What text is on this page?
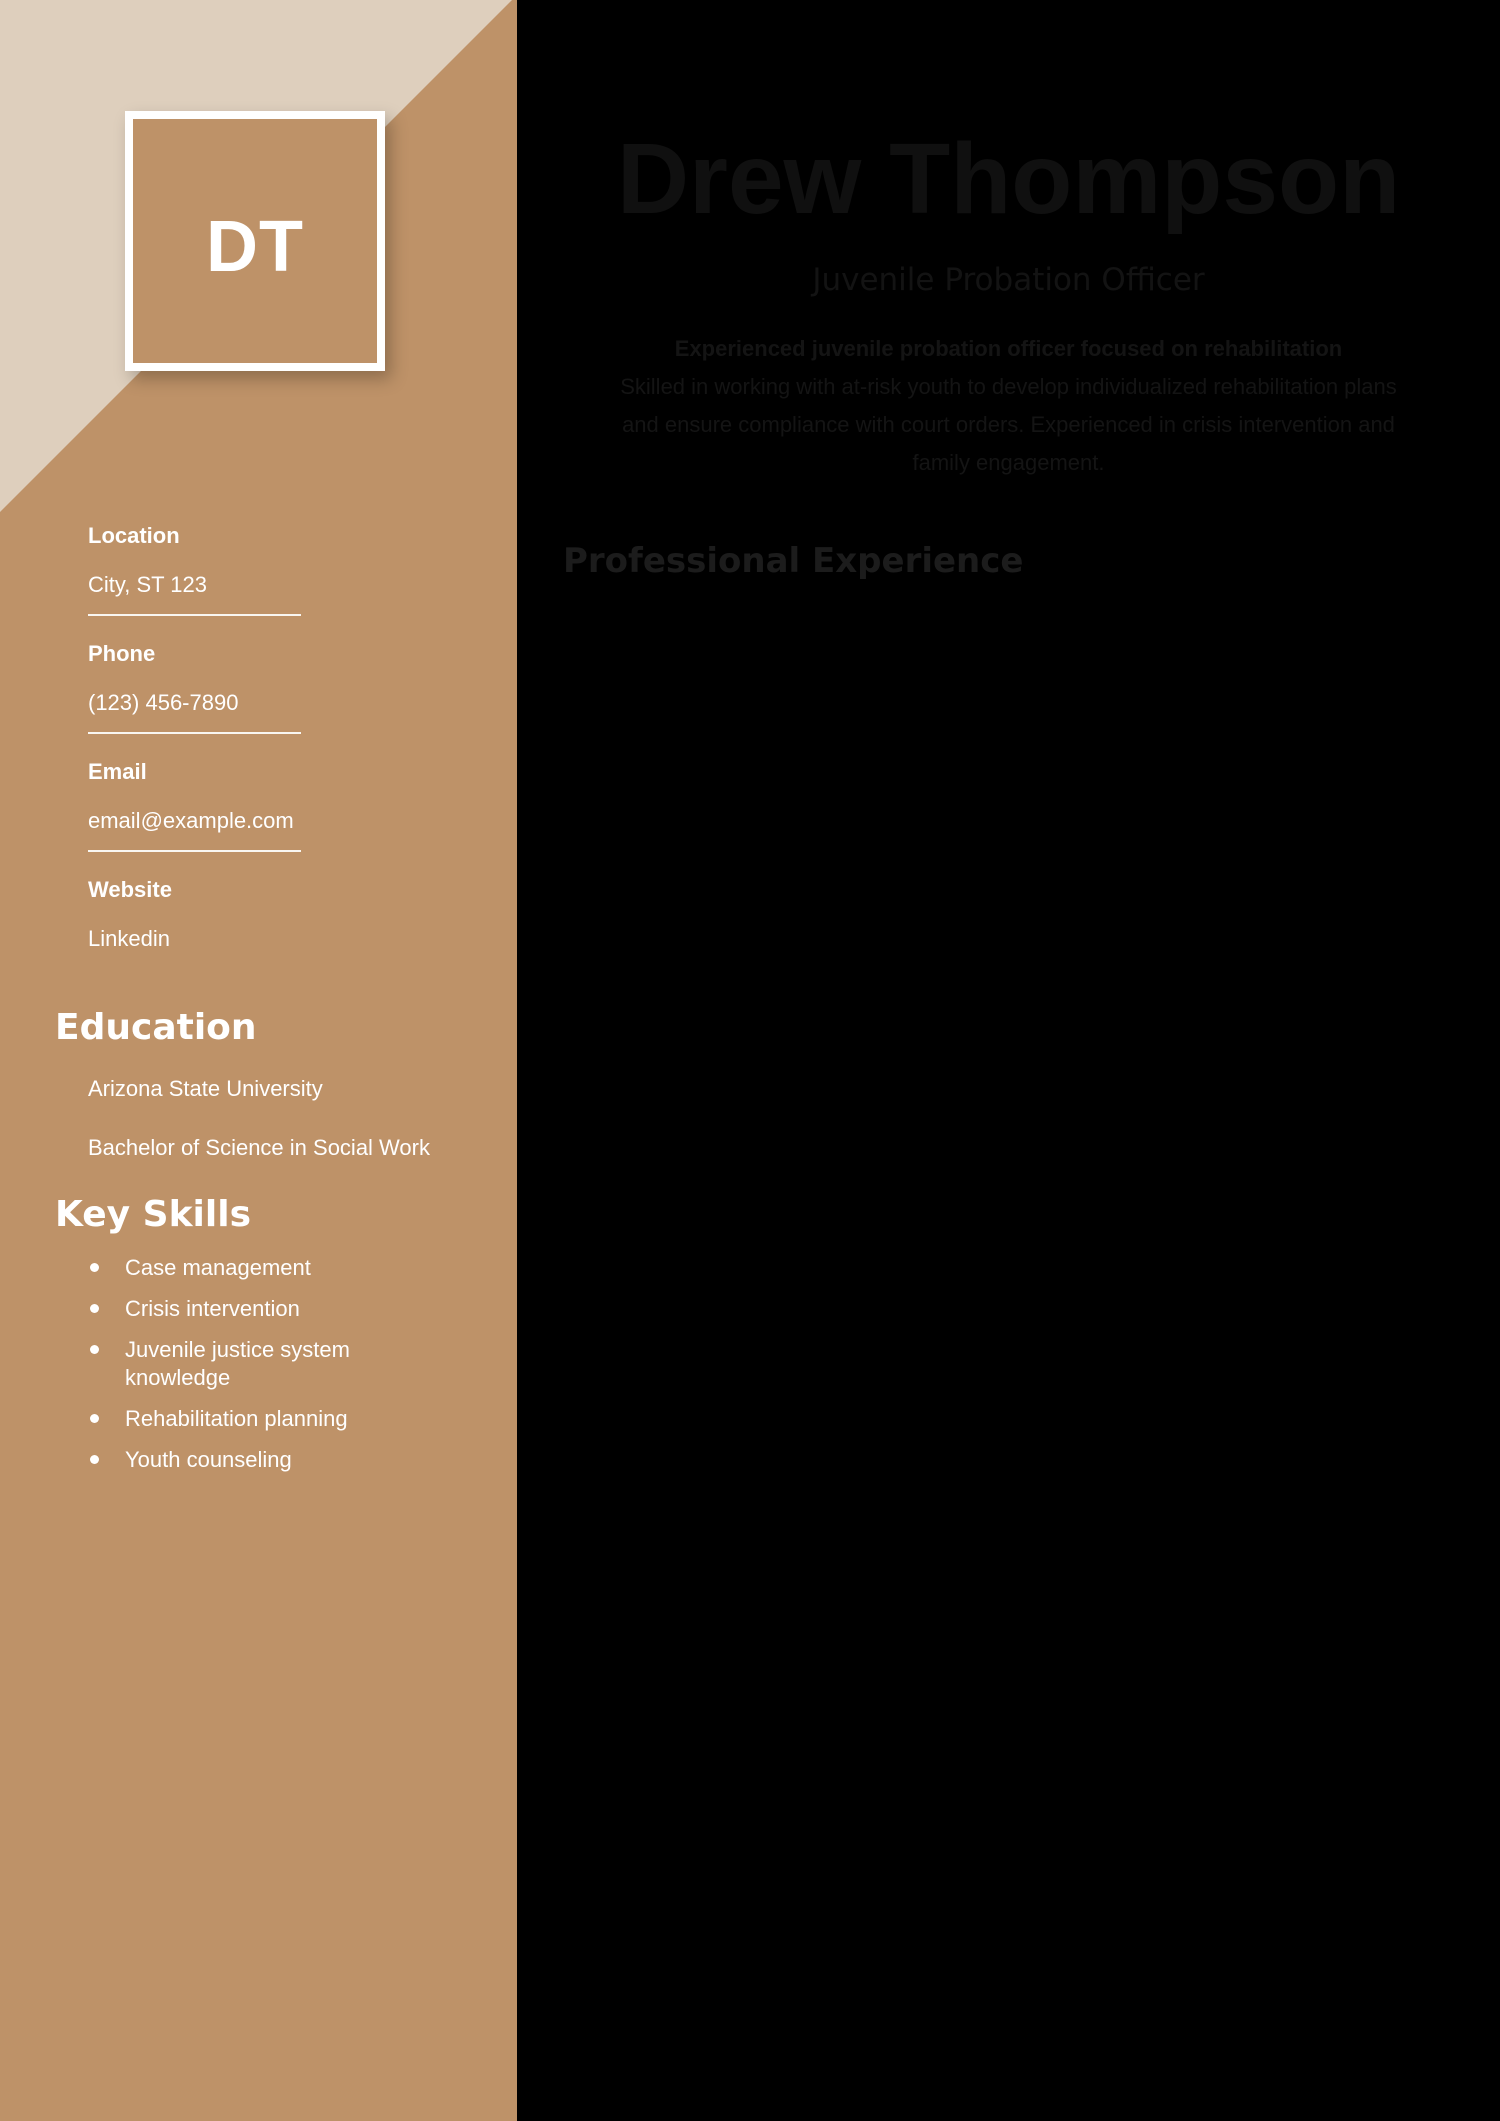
DT
Location
City, ST 123
Phone
(123) 456-7890
Email
email@example.com
Website
Linkedin
Education
Arizona State University
Bachelor of Science in Social Work
Key Skills
Case management
Crisis intervention
Juvenile justice system knowledge
Rehabilitation planning
Youth counseling
Drew Thompson
Juvenile Probation Officer
Experienced juvenile probation officer focused on rehabilitation
Skilled in working with at-risk youth to develop individualized rehabilitation plans
and ensure compliance with court orders. Experienced in crisis intervention and
family engagement.
Professional Experience
